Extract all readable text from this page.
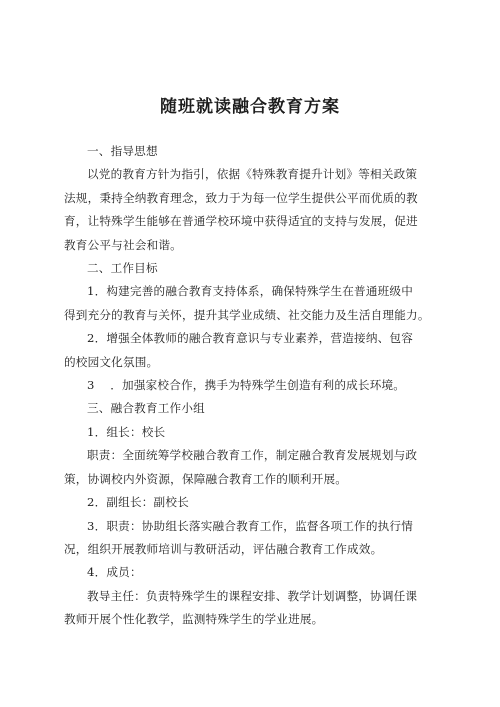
随班就读融合教育方案

一、指导思想

以党的教育方针为指引，依据《特殊教育提升计划》等相关政策

法规，秉持全纳教育理念，致力于为每一位学生提供公平而优质的教

育，让特殊学生能够在普通学校环境中获得适宜的支持与发展，促进

教育公平与社会和谐。

二、工作目标

1．构建完善的融合教育支持体系，确保特殊学生在普通班级中

得到充分的教育与关怀，提升其学业成绩、社交能力及生活自理能力。

2．增强全体教师的融合教育意识与专业素养，营造接纳、包容

的校园文化氛围。

3　 ．加强家校合作，携手为特殊学生创造有利的成长环境。

三、融合教育工作小组

1．组长：校长

职责：全面统筹学校融合教育工作，制定融合教育发展规划与政

策，协调校内外资源，保障融合教育工作的顺利开展。

2．副组长：副校长

3．职责：协助组长落实融合教育工作，监督各项工作的执行情

况，组织开展教师培训与教研活动，评估融合教育工作成效。

4．成员：

教导主任：负责特殊学生的课程安排、教学计划调整，协调任课

教师开展个性化教学，监测特殊学生的学业进展。
